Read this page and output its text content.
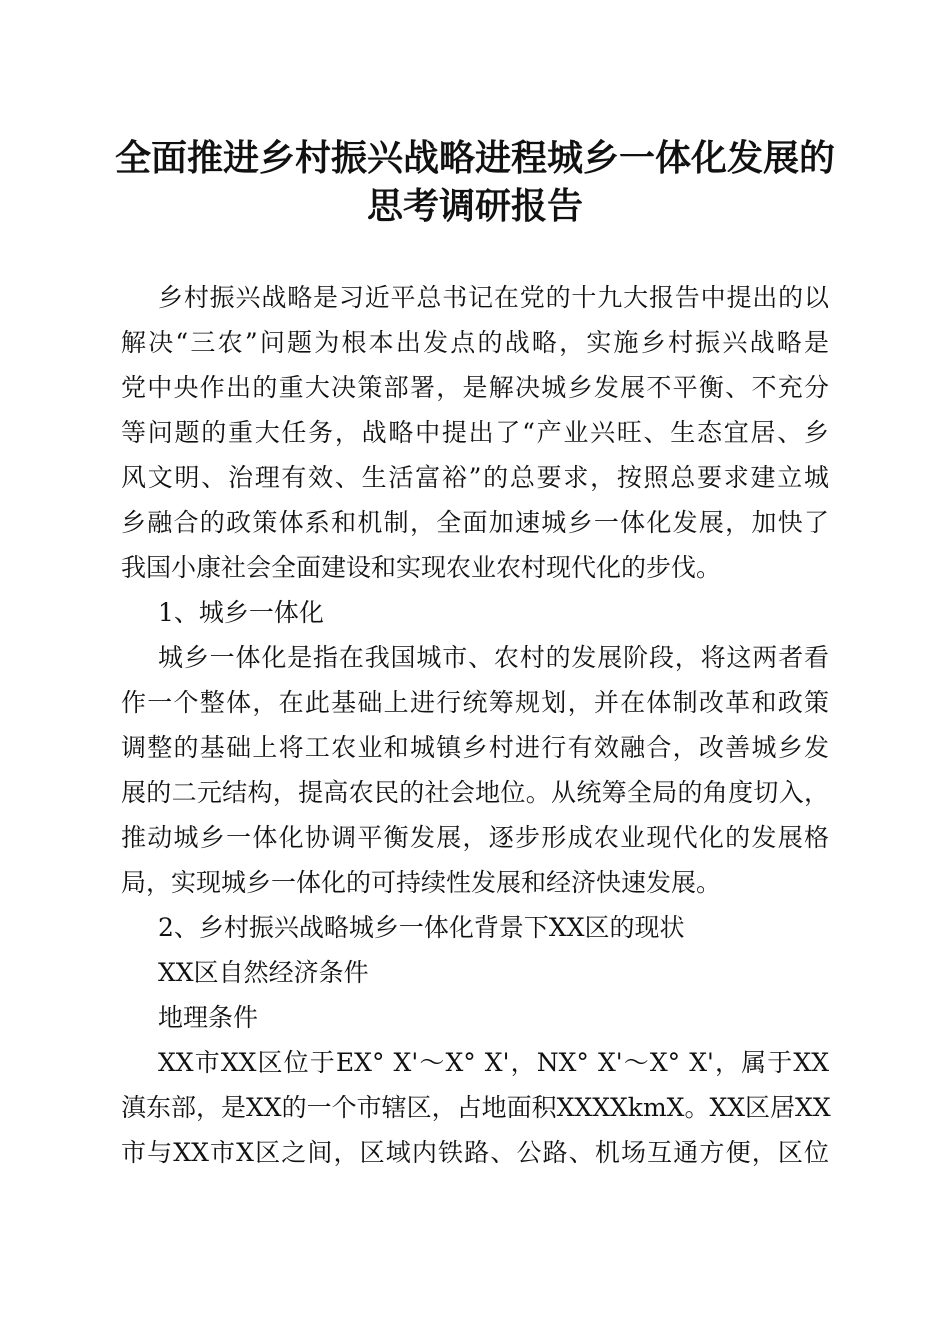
全面推进乡村振兴战略进程城乡一体化发展的
思考调研报告
乡村振兴战略是习近平总书记在党的十九大报告中提出的以
解决“三农”问题为根本出发点的战略，实施乡村振兴战略是
党中央作出的重大决策部署，是解决城乡发展不平衡、不充分
等问题的重大任务，战略中提出了“产业兴旺、生态宜居、乡
风文明、治理有效、生活富裕”的总要求，按照总要求建立城
乡融合的政策体系和机制，全面加速城乡一体化发展，加快了
我国小康社会全面建设和实现农业农村现代化的步伐。
1、城乡一体化
城乡一体化是指在我国城市、农村的发展阶段，将这两者看
作一个整体，在此基础上进行统筹规划，并在体制改革和政策
调整的基础上将工农业和城镇乡村进行有效融合，改善城乡发
展的二元结构，提高农民的社会地位。从统筹全局的角度切入，
推动城乡一体化协调平衡发展，逐步形成农业现代化的发展格
局，实现城乡一体化的可持续性发展和经济快速发展。
2、乡村振兴战略城乡一体化背景下XX区的现状
XX区自然经济条件
地理条件
XX市XX区位于EX° X'～X° X'，NX° X'～X° X'，属于XX
滇东部，是XX的一个市辖区，占地面积XXXXkmX。XX区居XX
市与XX市X区之间，区域内铁路、公路、机场互通方便，区位
